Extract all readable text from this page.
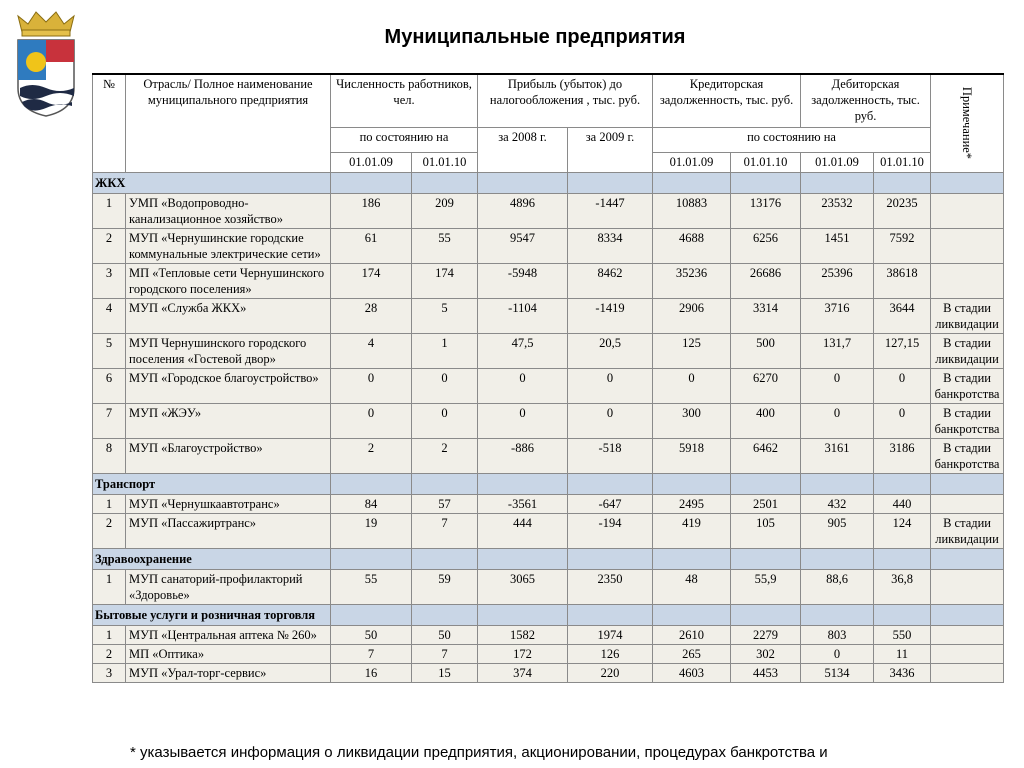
Муниципальные предприятия
№	Отрасль/ Полное наименование муниципального предприятия	Численность работников, чел.		Прибыль (убыток) до налогообложения , тыс. руб.		Кредиторская задолженность, тыс. руб.		Дебиторская задолженность, тыс. руб.		Примечание*

		по состоянию на		за 2008 г.	за 2009 г.	по состоянию на				
		01.01.09	01.01.10			01.01.09	01.01.10	01.01.09	01.01.10	
ЖКХ										
1	УМП «Водопроводно-канализационное хозяйство»	186	209	4896	-1447	10883	13176	23532	20235	
2	МУП «Чернушинские городские коммунальные электрические сети»	61	55	9547	8334	4688	6256	1451	7592	
3	МП «Тепловые сети Чернушинского городского поселения»	174	174	-5948	8462	35236	26686	25396	38618	
4	МУП «Служба ЖКХ»	28	5	-1104	-1419	2906	3314	3716	3644	В стадии ликвидации
5	МУП Чернушинского городского поселения «Гостевой двор»	4	1	47,5	20,5	125	500	131,7	127,15	В стадии ликвидации
6	МУП «Городское благоустройство»	0	0	0	0	0	6270	0	0	В стадии банкротства
7	МУП «ЖЭУ»	0	0	0	0	300	400	0	0	В стадии банкротства
8	МУП «Благоустройство»	2	2	-886	-518	5918	6462	3161	3186	В стадии банкротства
Транспорт										
1	МУП «Чернушкаавтотранс»	84	57	-3561	-647	2495	2501	432	440	
2	МУП «Пассажиртранс»	19	7	444	-194	419	105	905	124	В стадии ликвидации
Здравоохранение										
1	МУП санаторий-профилакторий «Здоровье»	55	59	3065	2350	48	55,9	88,6	36,8	
Бытовые услуги и розничная торговля										
1	МУП «Центральная аптека № 260»	50	50	1582	1974	2610	2279	803	550	
2	МП «Оптика»	7	7	172	126	265	302	0	11	
3	МУП «Урал-торг-сервис»	16	15	374	220	4603	4453	5134	3436	
* указывается информация о ликвидации предприятия, акционировании, процедурах банкротства и
